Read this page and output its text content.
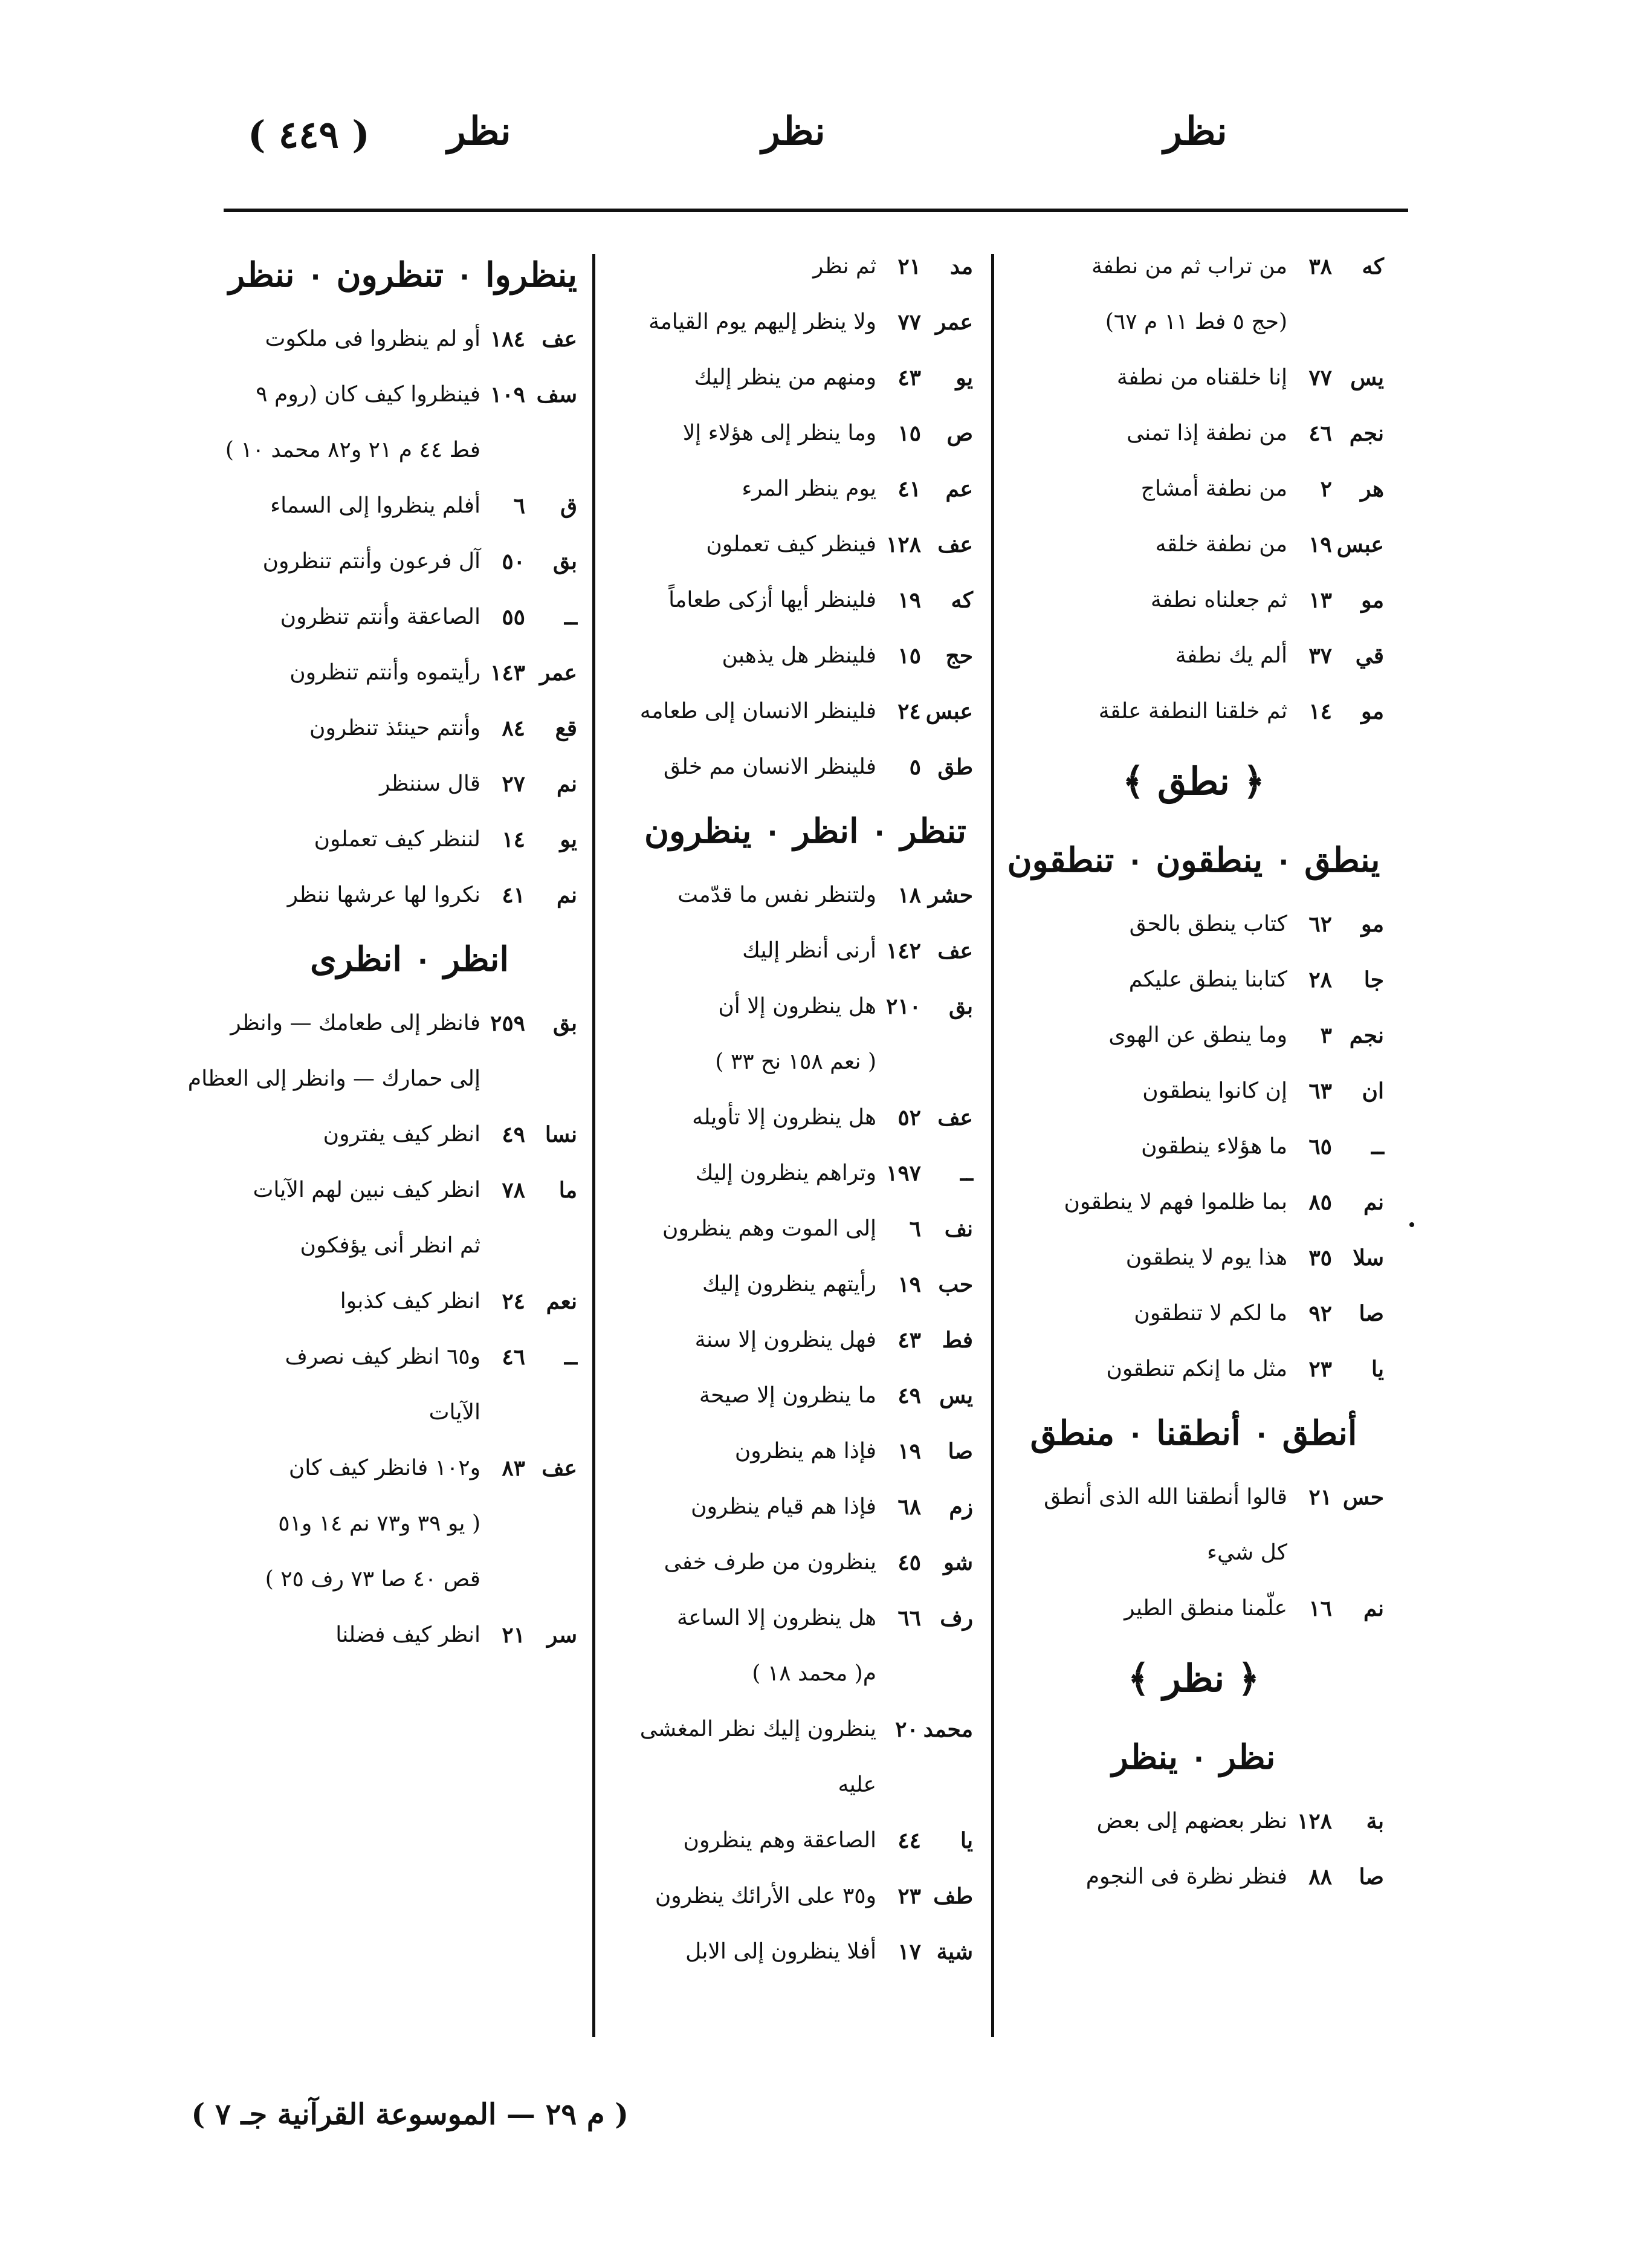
( ٤٤٩ ) نظر	نظر	نظر
كه٣٨من تراب ثم من نطفة
(حج ٥ فط ١١ م ٦٧)
يس٧٧إنا خلقناه من نطفة
نجم٤٦من نطفة إذا تمنى
هر٢من نطفة أمشاج
عبس١٩من نطفة خلقه
مو١٣ثم جعلناه نطفة
قي٣٧ألم يك نطفة
مو١٤ثم خلقنا النطفة علقة
﴿ نطق ﴾
ينطق ۰ ينطقون ۰ تنطقون
مو٦٢كتاب ينطق بالحق
جا٢٨كتابنا ينطق عليكم
نجم٣وما ينطق عن الهوى
ان٦٣إن كانوا ينطقون
ــ٦٥ما هؤلاء ينطقون
نم٨٥بما ظلموا فهم لا ينطقون
سلا٣٥هذا يوم لا ينطقون
صا٩٢ما لكم لا تنطقون
يا٢٣مثل ما إنكم تنطقون
أنطق ۰ أنطقنا ۰ منطق
حس٢١قالوا أنطقنا الله الذى أنطق
كل شيء
نم١٦علّمنا منطق الطير
﴿ نظر ﴾
نظر ۰ ينظر
بة١٢٨نظر بعضهم إلى بعض
صا٨٨فنظر نظرة فى النجوم
مد٢١ثم نظر
عمر٧٧ولا ينظر إليهم يوم القيامة
يو٤٣ومنهم من ينظر إليك
ص١٥وما ينظر إلى هؤلاء إلا
عم٤١يوم ينظر المرء
عف١٢٨فينظر كيف تعملون
كه١٩فلينظر أيها أزكى طعاماً
حج١٥فلينظر هل يذهبن
عبس٢٤فلينظر الانسان إلى طعامه
طق٥فلينظر الانسان مم خلق
تنظر ۰ انظر ۰ ينظرون
حشر١٨ولتنظر نفس ما قدّمت
عف١٤٢أرنى أنظر إليك
بق٢١٠هل ينظرون إلا أن
( نعم ١٥٨ نح ٣٣ )
عف٥٢هل ينظرون إلا تأويله
ــ١٩٧وتراهم ينظرون إليك
نف٦إلى الموت وهم ينظرون
حب١٩رأيتهم ينظرون إليك
فط٤٣فهل ينظرون إلا سنة
يس٤٩ما ينظرون إلا صيحة
صا١٩فإذا هم ينظرون
زم٦٨فإذا هم قيام ينظرون
شو٤٥ينظرون من طرف خفى
رف٦٦هل ينظرون إلا الساعة
م( محمد ١٨ )
محمد٢٠ينظرون إليك نظر المغشى
عليه
يا٤٤الصاعقة وهم ينظرون
طف٢٣و٣٥ على الأرائك ينظرون
شية١٧أفلا ينظرون إلى الابل
ينظروا ۰ تنظرون ۰ ننظر
عف١٨٤أو لم ينظروا فى ملكوت
سف١٠٩فينظروا كيف كان (روم ٩
فط ٤٤ م ٢١ و٨٢ محمد ١٠ )
ق٦أفلم ينظروا إلى السماء
بق٥٠آل فرعون وأنتم تنظرون
ــ٥٥الصاعقة وأنتم تنظرون
عمر١٤٣رأيتموه وأنتم تنظرون
قع٨٤وأنتم حينئذ تنظرون
نم٢٧قال سننظر
يو١٤لننظر كيف تعملون
نم٤١نكروا لها عرشها ننظر
انظر ۰ انظرى
بق٢٥٩فانظر إلى طعامك — وانظر
إلى حمارك — وانظر إلى العظام
نسا٤٩انظر كيف يفترون
ما٧٨انظر كيف نبين لهم الآيات
ثم انظر أنى يؤفكون
نعم٢٤انظر كيف كذبوا
ــ٤٦و٦٥ انظر كيف نصرف
الآيات
عف٨٣و١٠٢ فانظر كيف كان
( يو ٣٩ و٧٣ نم ١٤ و٥١
قص ٤٠ صا ٧٣ رف ٢٥ )
سر٢١انظر كيف فضلنا
( م ٢٩ — الموسوعة القرآنية جـ ٧ )
